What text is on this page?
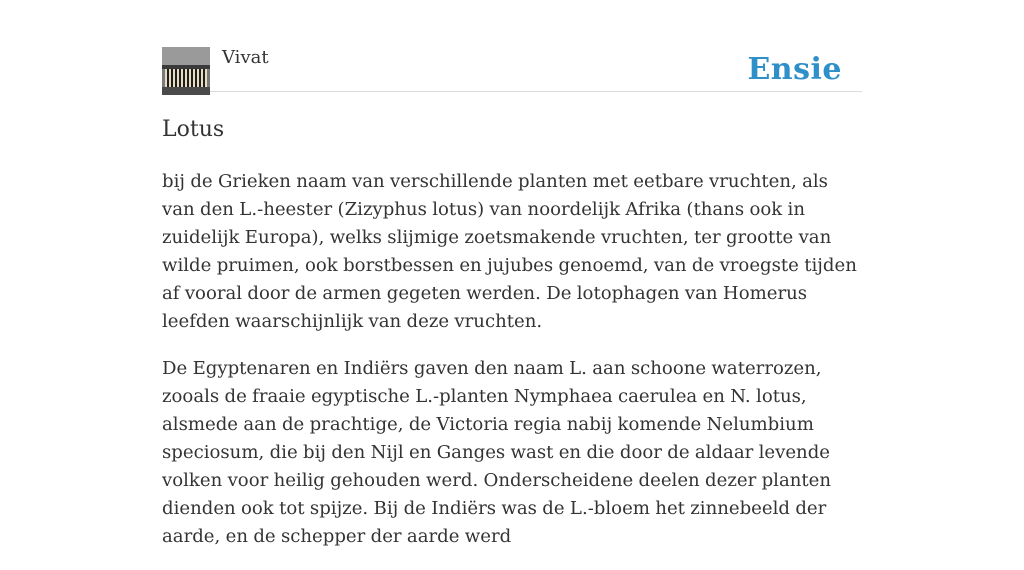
Vivat	Ensie
Lotus

bij de Grieken naam van verschillende planten met eetbare vruchten, als van den L.-heester (Zizyphus lotus) van noordelijk Afrika (thans ook in zuidelijk Europa), welks slijmige zoetsmakende vruchten, ter grootte van wilde pruimen, ook borstbessen en jujubes genoemd, van de vroegste tijden af vooral door de armen gegeten werden. De lotophagen van Homerus leefden waarschijnlijk van deze vruchten.

De Egyptenaren en Indiërs gaven den naam L. aan schoone waterrozen, zooals de fraaie egyptische L.-planten Nymphaea caerulea en N. lotus, alsmede aan de prachtige, de Victoria regia nabij komende Nelumbium speciosum, die bij den Nijl en Ganges wast en die door de aldaar levende volken voor heilig gehouden werd. Onderscheidene deelen dezer planten dienden ook tot spijze. Bij de Indiërs was de L.-bloem het zinnebeeld der aarde, en de schepper der aarde werd
